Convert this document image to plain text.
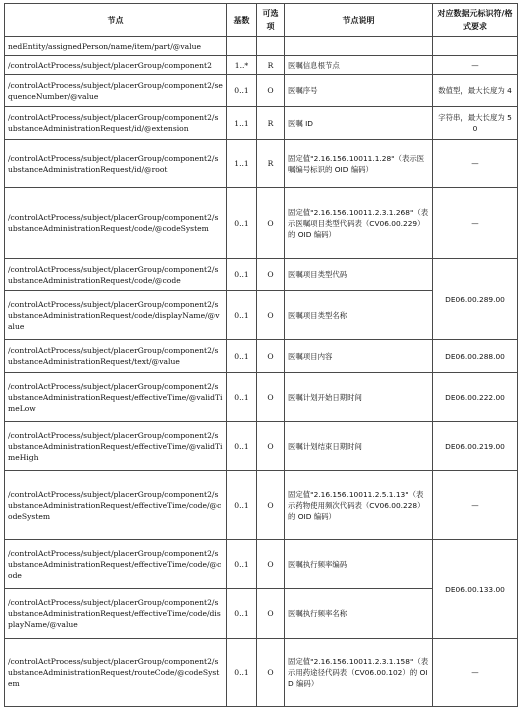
节点	基数	可选项	节点说明	对应数据元标识符/格式要求
nedEntity/assignedPerson/name/item/part/@value				
/controlActProcess/subject/placerGroup/component2	1..*	R	医嘱信息根节点	—
/controlActProcess/subject/placerGroup/component2/sequenceNumber/@value	0..1	O	医嘱序号	数值型，最大长度为 4
/controlActProcess/subject/placerGroup/component2/substanceAdministrationRequest/id/@extension	1..1	R	医嘱 ID	字符串，最大长度为 50
/controlActProcess/subject/placerGroup/component2/substanceAdministrationRequest/id/@root	1..1	R	固定值"2.16.156.10011.1.28"（表示医嘱编号标识的 OID 编码）	—
/controlActProcess/subject/placerGroup/component2/substanceAdministrationRequest/code/@codeSystem	0..1	O	固定值"2.16.156.10011.2.3.1.268"（表示医嘱项目类型代码表（CV06.00.229）的 OID 编码）	—
/controlActProcess/subject/placerGroup/component2/substanceAdministrationRequest/code/@code	0..1	O	医嘱项目类型代码	DE06.00.289.00
/controlActProcess/subject/placerGroup/component2/substanceAdministrationRequest/code/displayName/@value	0..1	O	医嘱项目类型名称	
/controlActProcess/subject/placerGroup/component2/substanceAdministrationRequest/text/@value	0..1	O	医嘱项目内容	DE06.00.288.00
/controlActProcess/subject/placerGroup/component2/substanceAdministrationRequest/effectiveTime/@validTimeLow	0..1	O	医嘱计划开始日期时间	DE06.00.222.00
/controlActProcess/subject/placerGroup/component2/substanceAdministrationRequest/effectiveTime/@validTimeHigh	0..1	O	医嘱计划结束日期时间	DE06.00.219.00
/controlActProcess/subject/placerGroup/component2/substanceAdministrationRequest/effectiveTime/code/@codeSystem	0..1	O	固定值"2.16.156.10011.2.5.1.13"（表示药物使用频次代码表（CV06.00.228）的 OID 编码）	—
/controlActProcess/subject/placerGroup/component2/substanceAdministrationRequest/effectiveTime/code/@code	0..1	O	医嘱执行频率编码	DE06.00.133.00
/controlActProcess/subject/placerGroup/component2/substanceAdministrationRequest/effectiveTime/code/displayName/@value	0..1	O	医嘱执行频率名称	
/controlActProcess/subject/placerGroup/component2/substanceAdministrationRequest/routeCode/@codeSystem	0..1	O	固定值"2.16.156.10011.2.3.1.158"（表示用药途径代码表（CV06.00.102）的 OID 编码）	—
